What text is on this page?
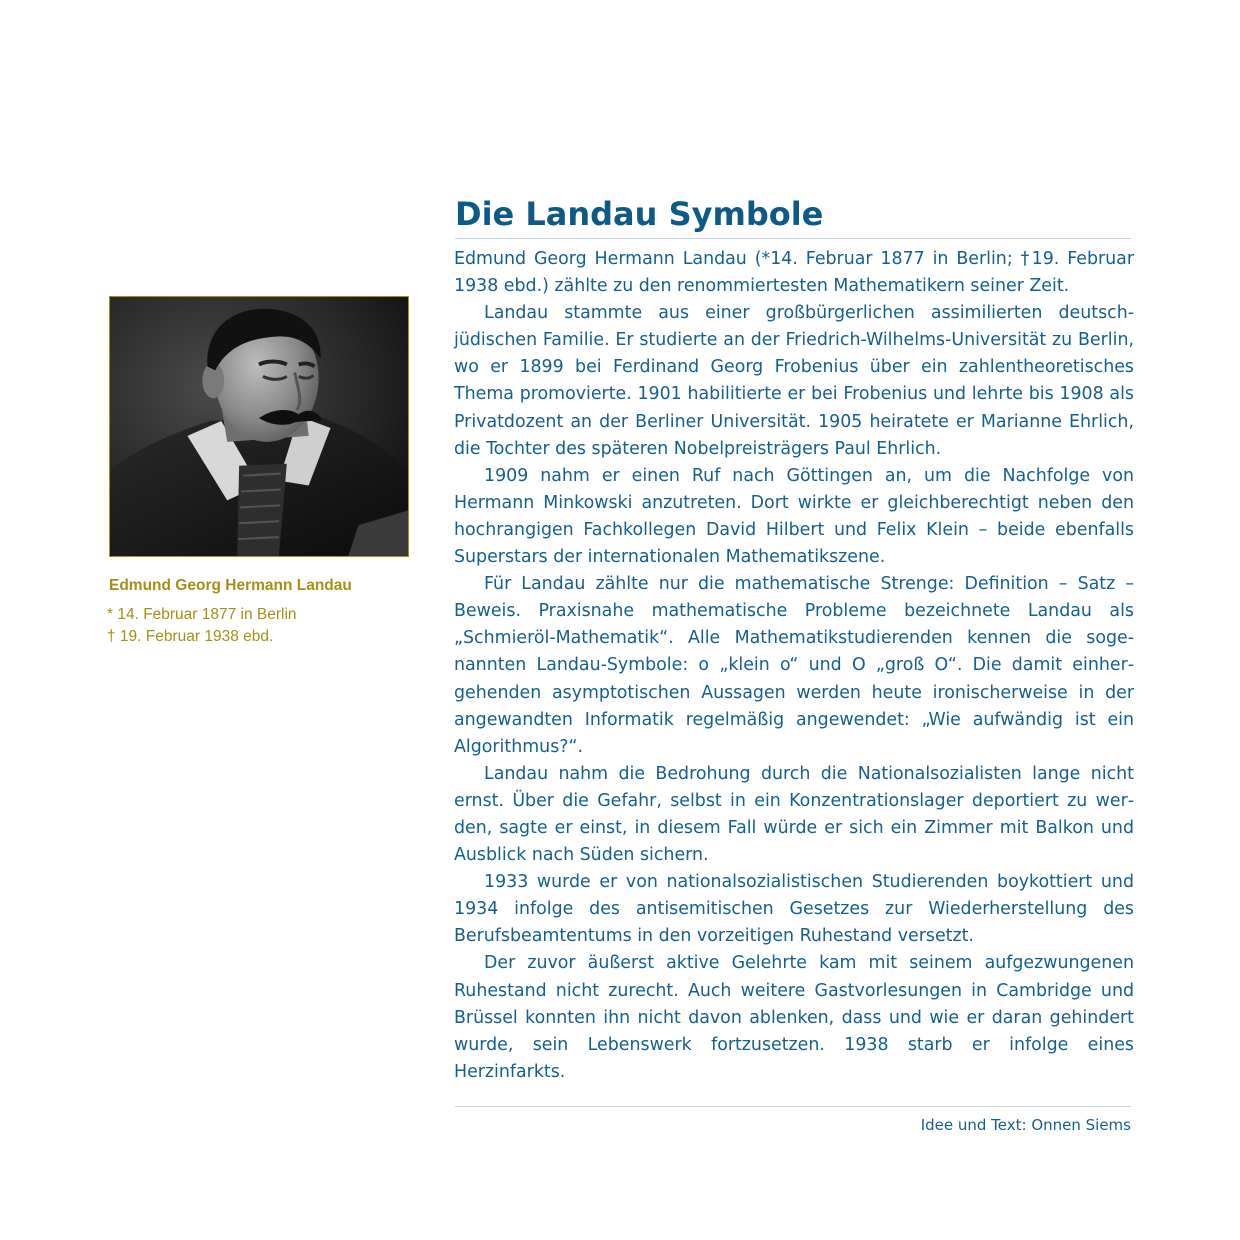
Edmund Georg Hermann Landau
* 14. Februar 1877 in Berlin
† 19. Februar 1938 ebd.
Die Landau Symbole

Edmund Georg Hermann Landau (*14. Februar 1877 in Berlin; †19. Februar 1938 ebd.) zählte zu den renommiertesten Mathematikern seiner Zeit.

Landau stammte aus einer großbürgerlichen assimilierten deutschjüdischen Familie. Er studierte an der Friedrich-Wilhelms-Universität zu Berlin, wo er 1899 bei Ferdinand Georg Frobenius über ein zahlentheoretisches Thema promovierte. 1901 habilitierte er bei Frobenius und lehrte bis 1908 als Privatdozent an der Berliner Universität. 1905 heiratete er Marianne Ehrlich, die Tochter des späteren Nobelpreisträgers Paul Ehrlich.

1909 nahm er einen Ruf nach Göttingen an, um die Nachfolge von Hermann Minkowski anzutreten. Dort wirkte er gleichberechtigt neben den hochrangigen Fachkollegen David Hilbert und Felix Klein – beide ebenfalls Superstars der internationalen Mathematikszene.

Für Landau zählte nur die mathematische Strenge: Definition – Satz – Beweis. Praxisnahe mathematische Probleme bezeichnete Landau als „Schmieröl-Mathematik“. Alle Mathematikstudierenden kennen die sogenannten Landau-Symbole: o „klein o“ und O „groß O“. Die damit einhergehenden asymptotischen Aussagen werden heute ironischerweise in der angewandten Informatik regelmäßig angewendet: „Wie aufwändig ist ein Algorithmus?“.

Landau nahm die Bedrohung durch die Nationalsozialisten lange nicht ernst. Über die Gefahr, selbst in ein Konzentrationslager deportiert zu werden, sagte er einst, in diesem Fall würde er sich ein Zimmer mit Balkon und Ausblick nach Süden sichern.

1933 wurde er von nationalsozialistischen Studierenden boykottiert und 1934 infolge des antisemitischen Gesetzes zur Wiederherstellung des Berufsbeamtentums in den vorzeitigen Ruhestand versetzt.

Der zuvor äußerst aktive Gelehrte kam mit seinem aufgezwungenen Ruhestand nicht zurecht. Auch weitere Gastvorlesungen in Cambridge und Brüssel konnten ihn nicht davon ablenken, dass und wie er daran gehindert wurde, sein Lebenswerk fortzusetzen. 1938 starb er infolge eines Herzinfarkts.

Idee und Text: Onnen Siems
